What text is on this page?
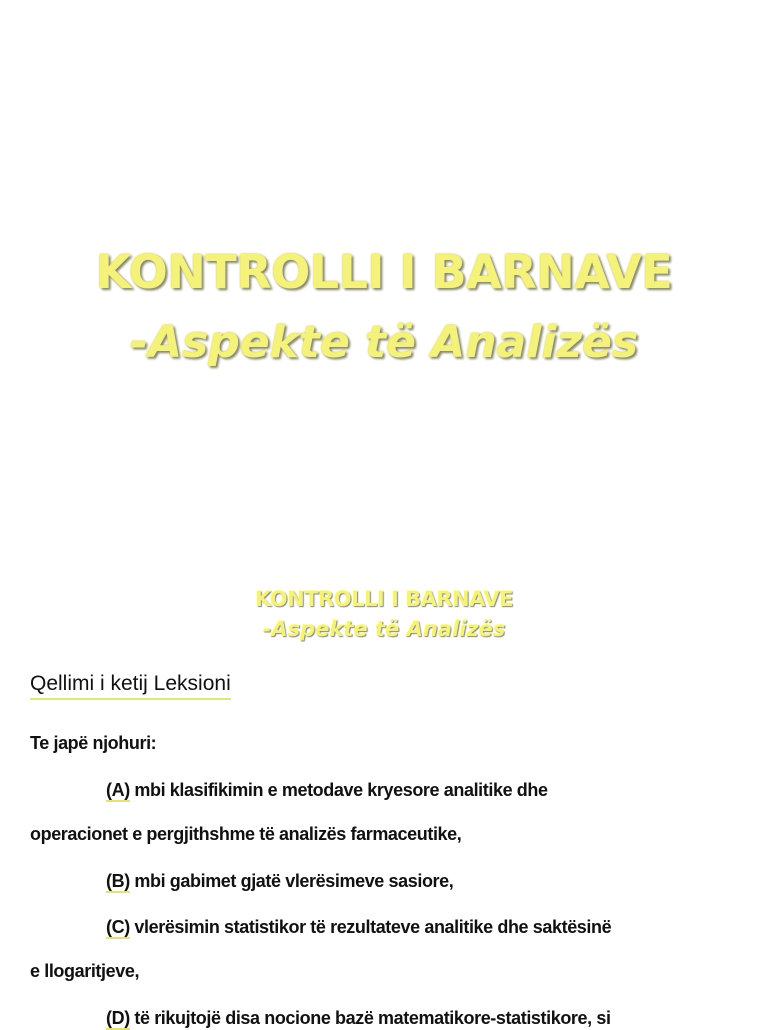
KONTROLLI I BARNAVE
-Aspekte të Analizës
KONTROLLI I BARNAVE
-Aspekte të Analizës
Qellimi i ketij Leksioni
Te japë njohuri:
(A) mbi klasifikimin e metodave kryesore analitike dhe
operacionet e pergjithshme të analizës farmaceutike,
(B) mbi gabimet gjatë vlerësimeve sasiore,
(C) vlerësimin statistikor të rezultateve analitike dhe saktësinë
e llogaritjeve,
(D) të rikujtojë disa nocione bazë matematikore-statistikore, si
